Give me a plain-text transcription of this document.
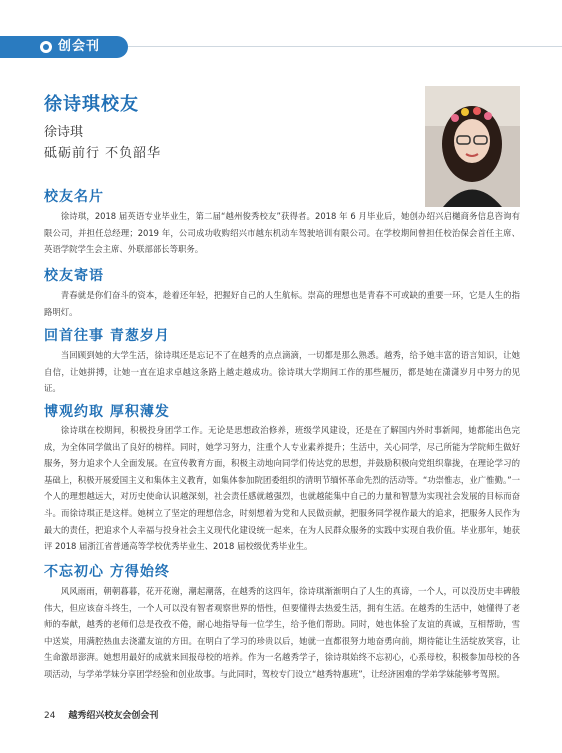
创会刊
徐诗琪校友
徐诗琪
砥砺前行 不负韶华
校友名片

徐诗琪，2018 届英语专业毕业生，第二届“越州俊秀校友”获得者。2018 年 6 月毕业后，她创办绍兴启樾商务信息咨询有限公司，并担任总经理；2019 年，公司成功收购绍兴市越东机动车驾驶培训有限公司。在学校期间曾担任校治保会首任主席、英语学院学生会主席、外联部部长等职务。

校友寄语

青春就是你们奋斗的资本，趁着还年轻，把握好自己的人生航标。崇高的理想也是青春不可或缺的重要一环，它是人生的指路明灯。

回首往事 青葱岁月

当回顾到她的大学生活，徐诗琪还是忘记不了在越秀的点点滴滴，一切都是那么熟悉。越秀，给予她丰富的语言知识，让她自信，让她拼搏，让她一直在追求卓越这条路上越走越成功。徐诗琪大学期间工作的那些履历，都是她在潇潇岁月中努力的见证。

博观约取 厚积薄发

徐诗琪在校期间，积极投身团学工作。无论是思想政治修养，班级学风建设，还是在了解国内外时事新闻，她都能出色完成，为全体同学做出了良好的榜样。同时，她学习努力，注重个人专业素养提升；生活中，关心同学，尽己所能为学院师生做好服务，努力追求个人全面发展。在宣传教育方面，积极主动地向同学们传达党的思想，并鼓励积极向党组织靠拢，在理论学习的基础上，积极开展爱国主义和集体主义教育，如集体参加院团委组织的清明节缅怀革命先烈的活动等。“功崇惟志，业广惟勤。”一个人的理想越远大，对历史使命认识越深刻，社会责任感就越强烈，也就越能集中自己的力量和智慧为实现社会发展的目标而奋斗。而徐诗琪正是这样。她树立了坚定的理想信念，时刻想着为党和人民做贡献，把服务同学视作最大的追求，把服务人民作为最大的责任，把追求个人幸福与投身社会主义现代化建设统一起来，在为人民群众服务的实践中实现自我价值。毕业那年，她获评 2018 届浙江省普通高等学校优秀毕业生、2018 届校级优秀毕业生。

不忘初心 方得始终

风风雨雨，朝朝暮暮，花开花谢，潮起潮落，在越秀的这四年，徐诗琪渐渐明白了人生的真谛，一个人，可以没历史丰碑般伟大，但应该奋斗终生，一个人可以没有智者观察世界的悟性，但要懂得去热爱生活，拥有生活。在越秀的生活中，她懂得了老师的奉献，越秀的老师们总是孜孜不倦，耐心地指导每一位学生，给予他们帮助。同时，她也体验了友谊的真诚，互相帮助，雪中送炭，用满腔热血去浇灌友谊的方田。在明白了学习的珍贵以后，她就一直都很努力地奋勇向前，期待能让生活绽放笑容，让生命激昂澎湃。她想用最好的成就来回报母校的培养。作为一名越秀学子，徐诗琪始终不忘初心，心系母校，积极参加母校的各项活动，与学弟学妹分享团学经验和创业故事。与此同时，驾校专门设立“越秀特惠班”，让经济困难的学弟学妹能够考驾照。

24 越秀绍兴校友会创会刊
